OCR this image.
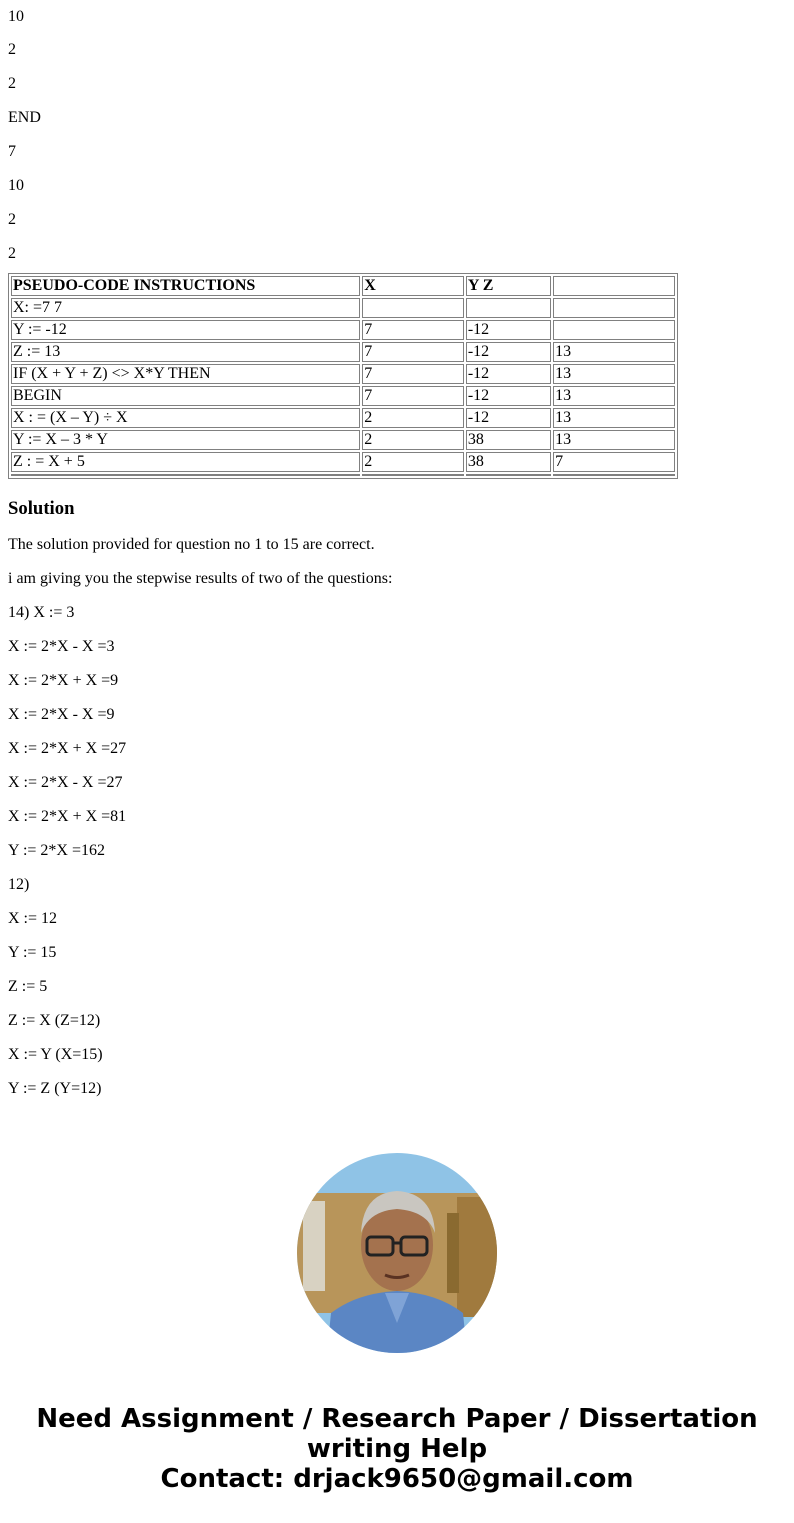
10

2

2

END

7

10

2

2

PSEUDO-CODE INSTRUCTIONS	X	Y Z	
X: =7 7			
Y := -12	7	-12	
Z := 13	7	-12	13
IF (X + Y + Z) <> X*Y THEN	7	-12	13
BEGIN	7	-12	13
X : = (X – Y) ÷ X	2	-12	13
Y := X – 3 * Y	2	38	13
Z : = X + 5	2	38	7

Solution

The solution provided for question no 1 to 15 are correct.

i am giving you the stepwise results of two of the questions:

14) X := 3

X := 2*X - X =3

X := 2*X + X =9

X := 2*X - X =9

X := 2*X + X =27

X := 2*X - X =27

X := 2*X + X =81

Y := 2*X =162

12)

X := 12

Y := 15

Z := 5

Z := X (Z=12)

X := Y (X=15)

Y := Z (Y=12)

Need Assignment / Research Paper / Dissertation
writing Help
Contact: drjack9650@gmail.com
